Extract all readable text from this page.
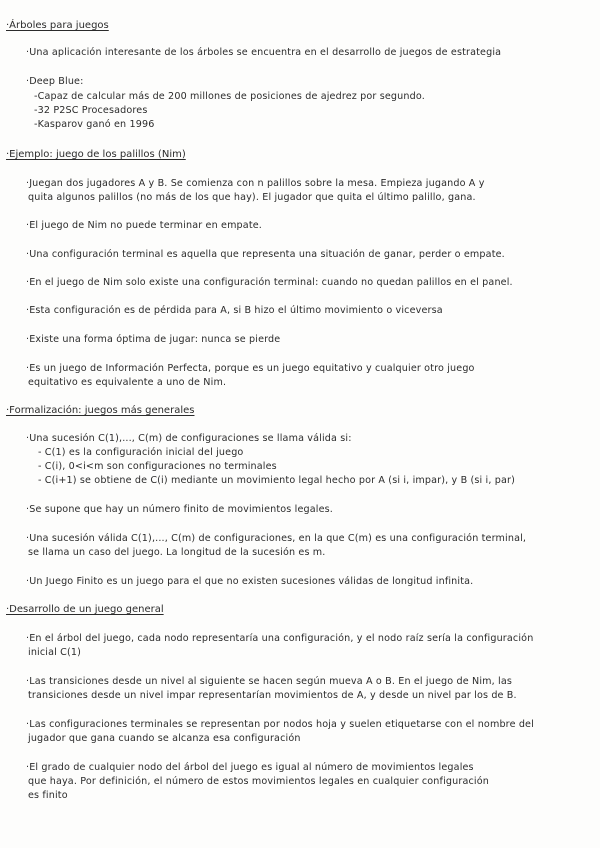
·Árboles para juegos
·Una aplicación interesante de los árboles se encuentra en el desarrollo de juegos de estrategia
·Deep Blue:
-Capaz de calcular más de 200 millones de posiciones de ajedrez por segundo.
-32 P2SC Procesadores
-Kasparov ganó en 1996
·Ejemplo: juego de los palillos (Nim)
·Juegan dos jugadores A y B. Se comienza con n palillos sobre la mesa. Empieza jugando A y
quita algunos palillos (no más de los que hay). El jugador que quita el último palillo, gana.
·El juego de Nim no puede terminar en empate.
·Una configuración terminal es aquella que representa una situación de ganar, perder o empate.
·En el juego de Nim solo existe una configuración terminal: cuando no quedan palillos en el panel.
·Esta configuración es de pérdida para A, si B hizo el último movimiento o viceversa
·Existe una forma óptima de jugar: nunca se pierde
·Es un juego de Información Perfecta, porque es un juego equitativo y cualquier otro juego
equitativo es equivalente a uno de Nim.
·Formalización: juegos más generales
·Una sucesión C(1),..., C(m) de configuraciones se llama válida si:
- C(1) es la configuración inicial del juego
- C(i), 0<i<m son configuraciones no terminales
- C(i+1) se obtiene de C(i) mediante un movimiento legal hecho por A (si i, impar), y B (si i, par)
·Se supone que hay un número finito de movimientos legales.
·Una sucesión válida C(1),..., C(m) de configuraciones, en la que C(m) es una configuración terminal,
se llama un caso del juego. La longitud de la sucesión es m.
·Un Juego Finito es un juego para el que no existen sucesiones válidas de longitud infinita.
·Desarrollo de un juego general
·En el árbol del juego, cada nodo representaría una configuración, y el nodo raíz sería la configuración
inicial C(1)
·Las transiciones desde un nivel al siguiente se hacen según mueva A o B. En el juego de Nim, las
transiciones desde un nivel impar representarían movimientos de A, y desde un nivel par los de B.
·Las configuraciones terminales se representan por nodos hoja y suelen etiquetarse con el nombre del
jugador que gana cuando se alcanza esa configuración
·El grado de cualquier nodo del árbol del juego es igual al número de movimientos legales
que haya. Por definición, el número de estos movimientos legales en cualquier configuración
es finito
